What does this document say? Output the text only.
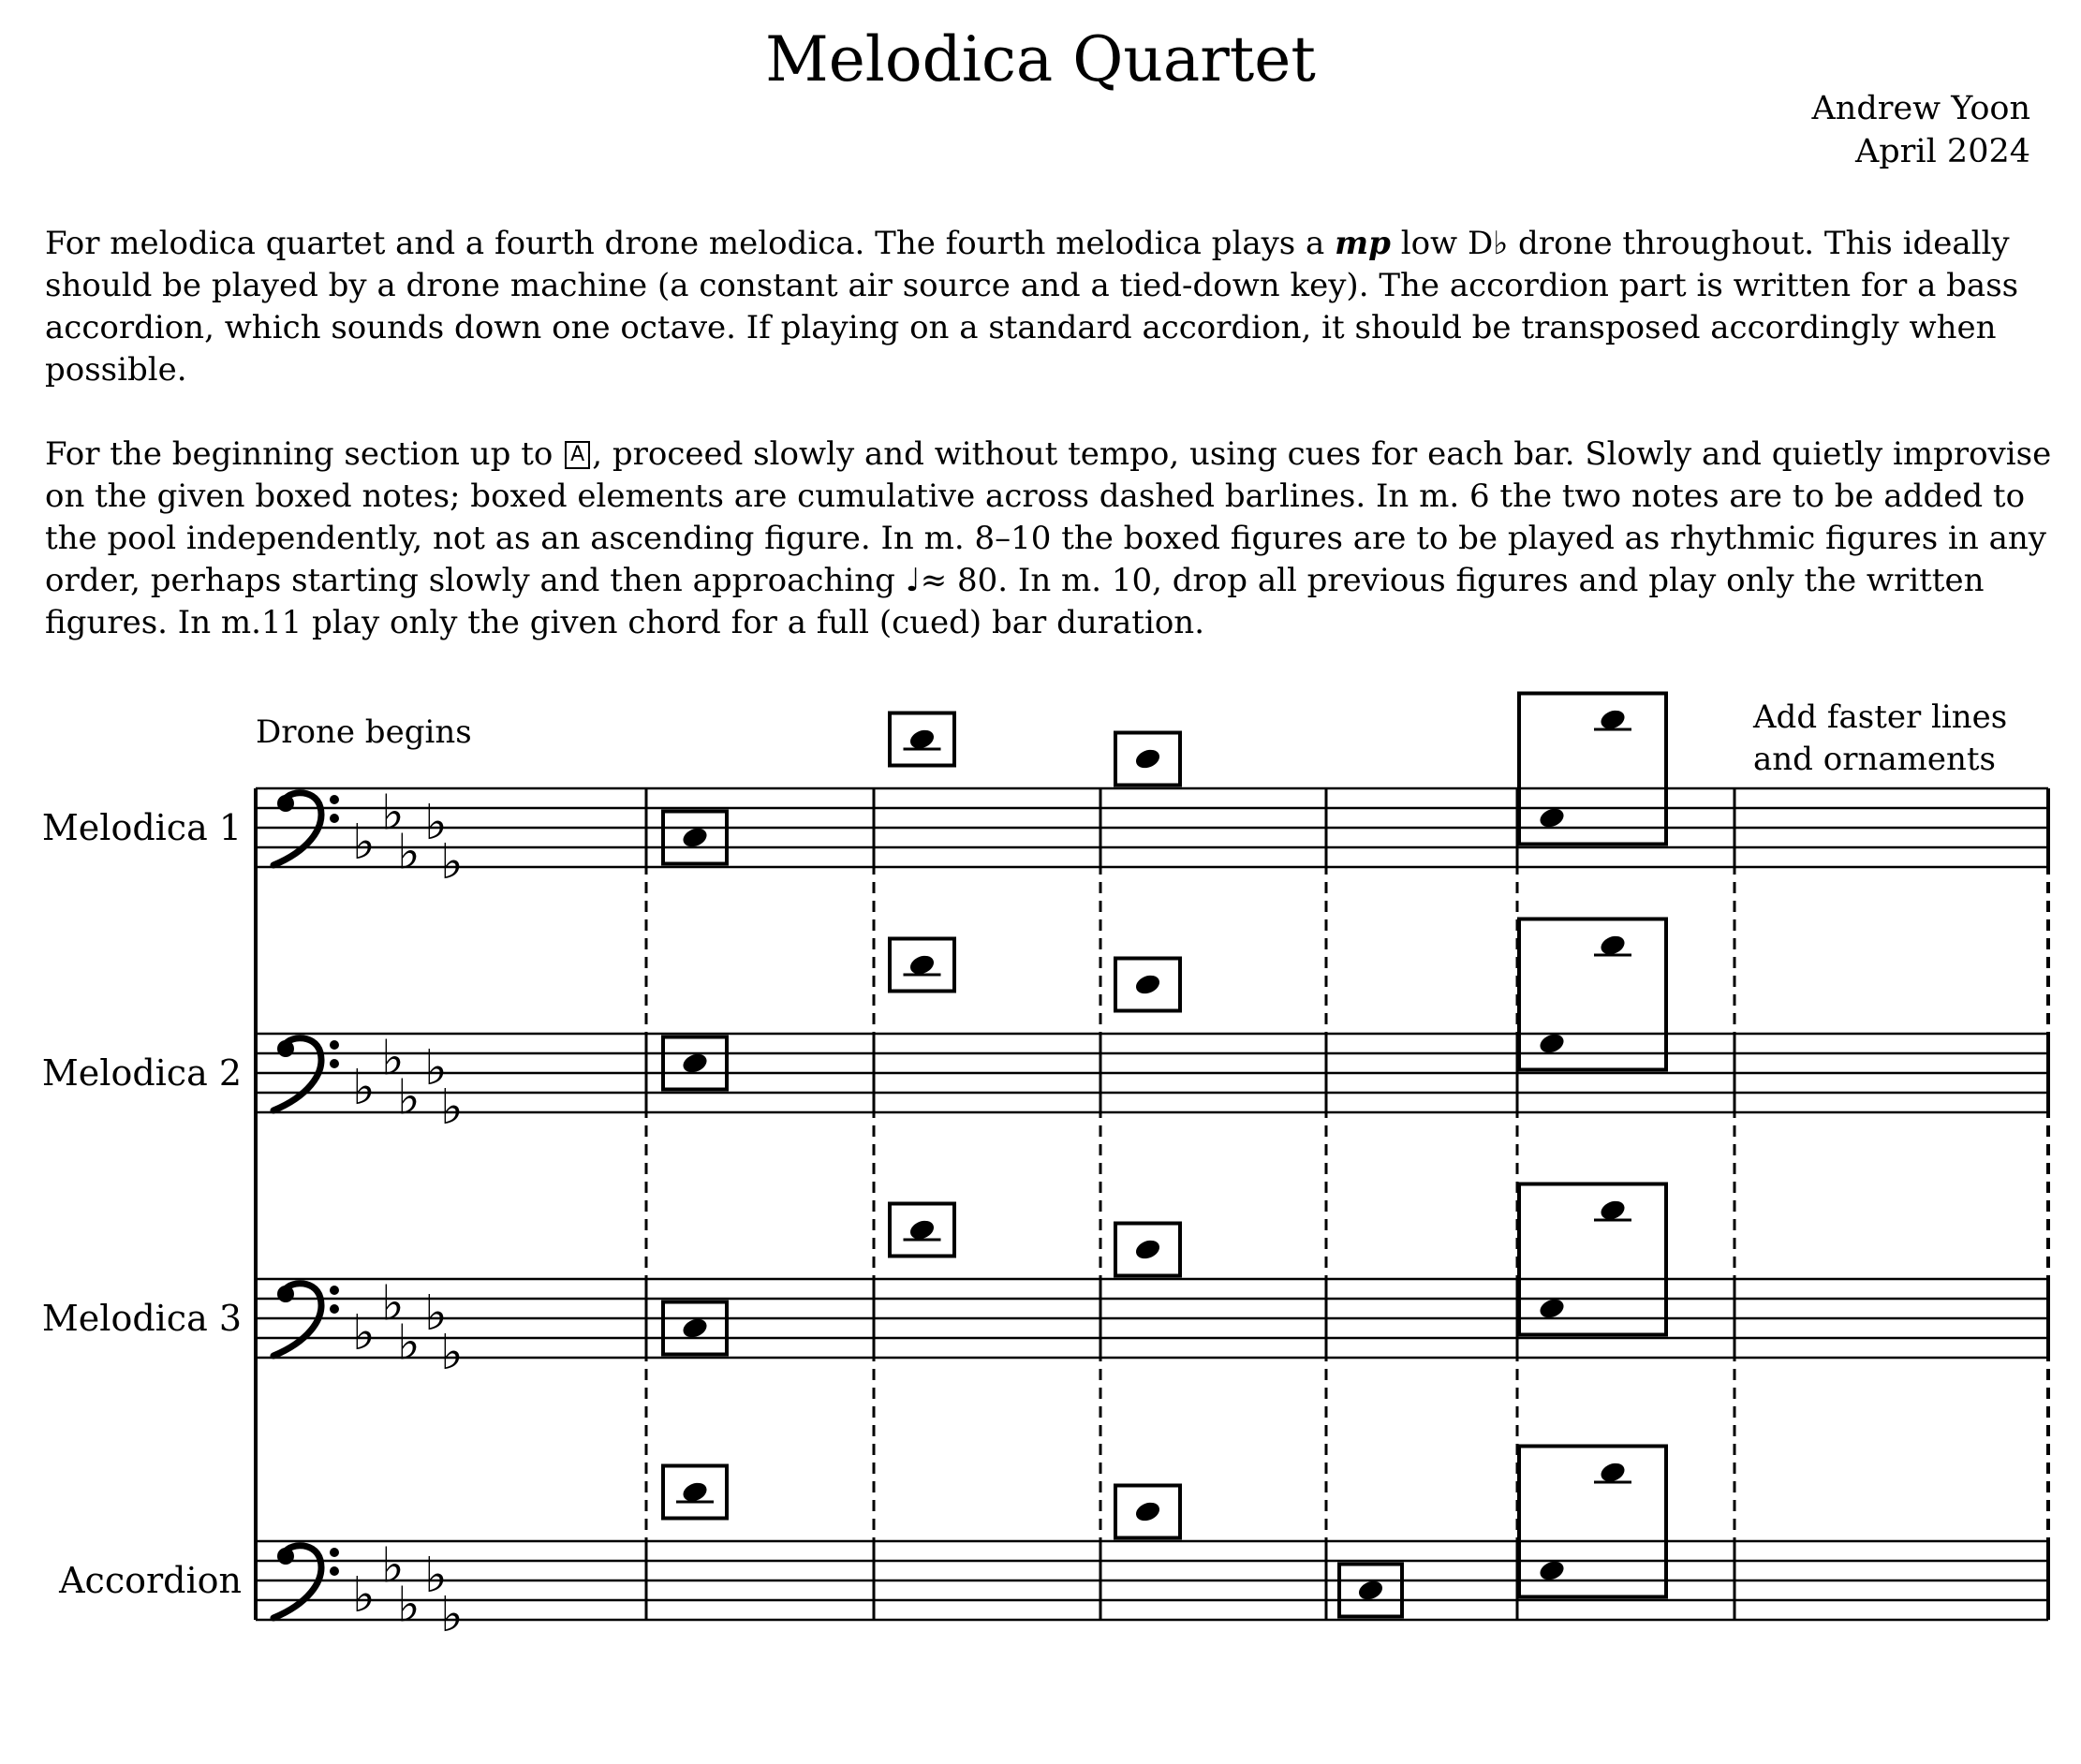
Melodica Quartet
Andrew Yoon
April 2024
For melodica quartet and a fourth drone melodica. The fourth melodica plays a mp low D♭ drone throughout. This ideally should be played by a drone machine (a constant air source and a tied-down key). The accordion part is written for a bass accordion, which sounds down one octave. If playing on a standard accordion, it should be transposed accordingly when possible.
For the beginning section up to A , proceed slowly and without tempo, using cues for each bar. Slowly and quietly improvise on the given boxed notes; boxed elements are cumulative across dashed barlines. In m. 6 the two notes are to be added to the pool independently, not as an ascending figure. In m. 8–10 the boxed figures are to be played as rhythmic figures in any order, perhaps starting slowly and then approaching ♩≈ 80. In m. 10, drop all previous figures and play only the written figures. In m.11 play only the given chord for a full (cued) bar duration.
Drone begins	Add faster lines
and ornaments
Melodica 1 ♭
♭
♭
♭
♭
Melodica 2 ♭
♭
♭
♭
♭
Melodica 3 ♭
♭
♭
♭
♭
Accordion ♭
♭
♭
♭
♭
